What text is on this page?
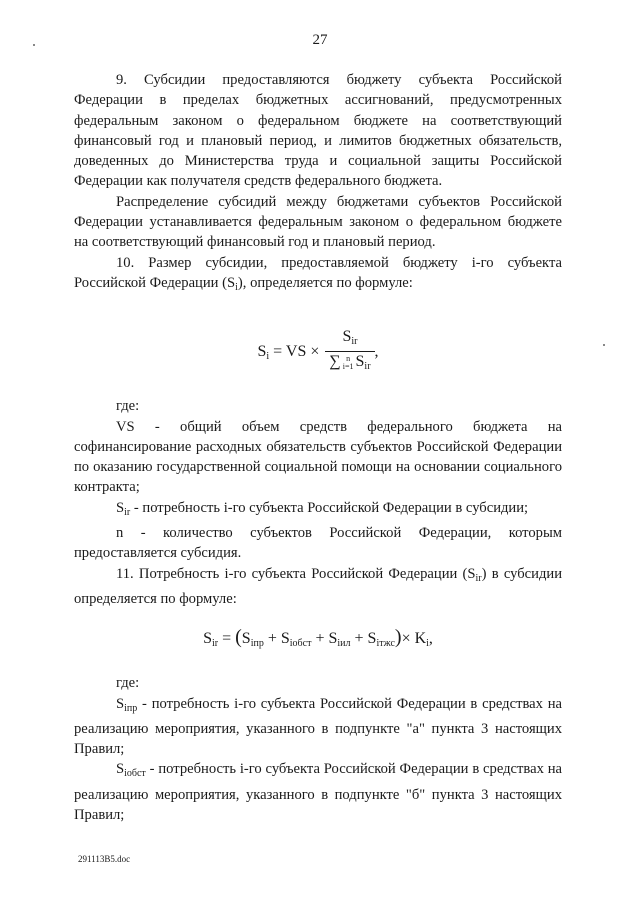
27

9. Субсидии предоставляются бюджету субъекта Российской Федерации в пределах бюджетных ассигнований, предусмотренных федеральным законом о федеральном бюджете на соответствующий финансовый год и плановый период, и лимитов бюджетных обязательств, доведенных до Министерства труда и социальной защиты Российской Федерации как получателя средств федерального бюджета.

Распределение субсидий между бюджетами субъектов Российской Федерации устанавливается федеральным законом о федеральном бюджете на соответствующий финансовый год и плановый период.

10. Размер субсидии, предоставляемой бюджету i-го субъекта Российской Федерации $(S_i)$, определяется по формуле:

$S_i$ = VS ×
$S_{ir}$
∑ n
i=1 $S_{ir}$
,

где:

VS - общий объем средств федерального бюджета на софинансирование расходных обязательств субъектов Российской Федерации по оказанию государственной социальной помощи на основании социального контракта;

$S_{ir}$ - потребность i-го субъекта Российской Федерации в субсидии;

n - количество субъектов Российской Федерации, которым предоставляется субсидия.

11. Потребность i-го субъекта Российской Федерации $(S_{ir})$ в субсидии определяется по формуле:

$S_{ir} = (S_{iпр} + S_{iобст} + S_{iил} + S_{iтжс})\times K_i$,

где:

$S_{iпр}$ - потребность i-го субъекта Российской Федерации в средствах на реализацию мероприятия, указанного в подпункте "а" пункта 3 настоящих Правил;

$S_{iобст}$ - потребность i-го субъекта Российской Федерации в средствах на реализацию мероприятия, указанного в подпункте "б" пункта 3 настоящих Правил;

291113B5.doc
